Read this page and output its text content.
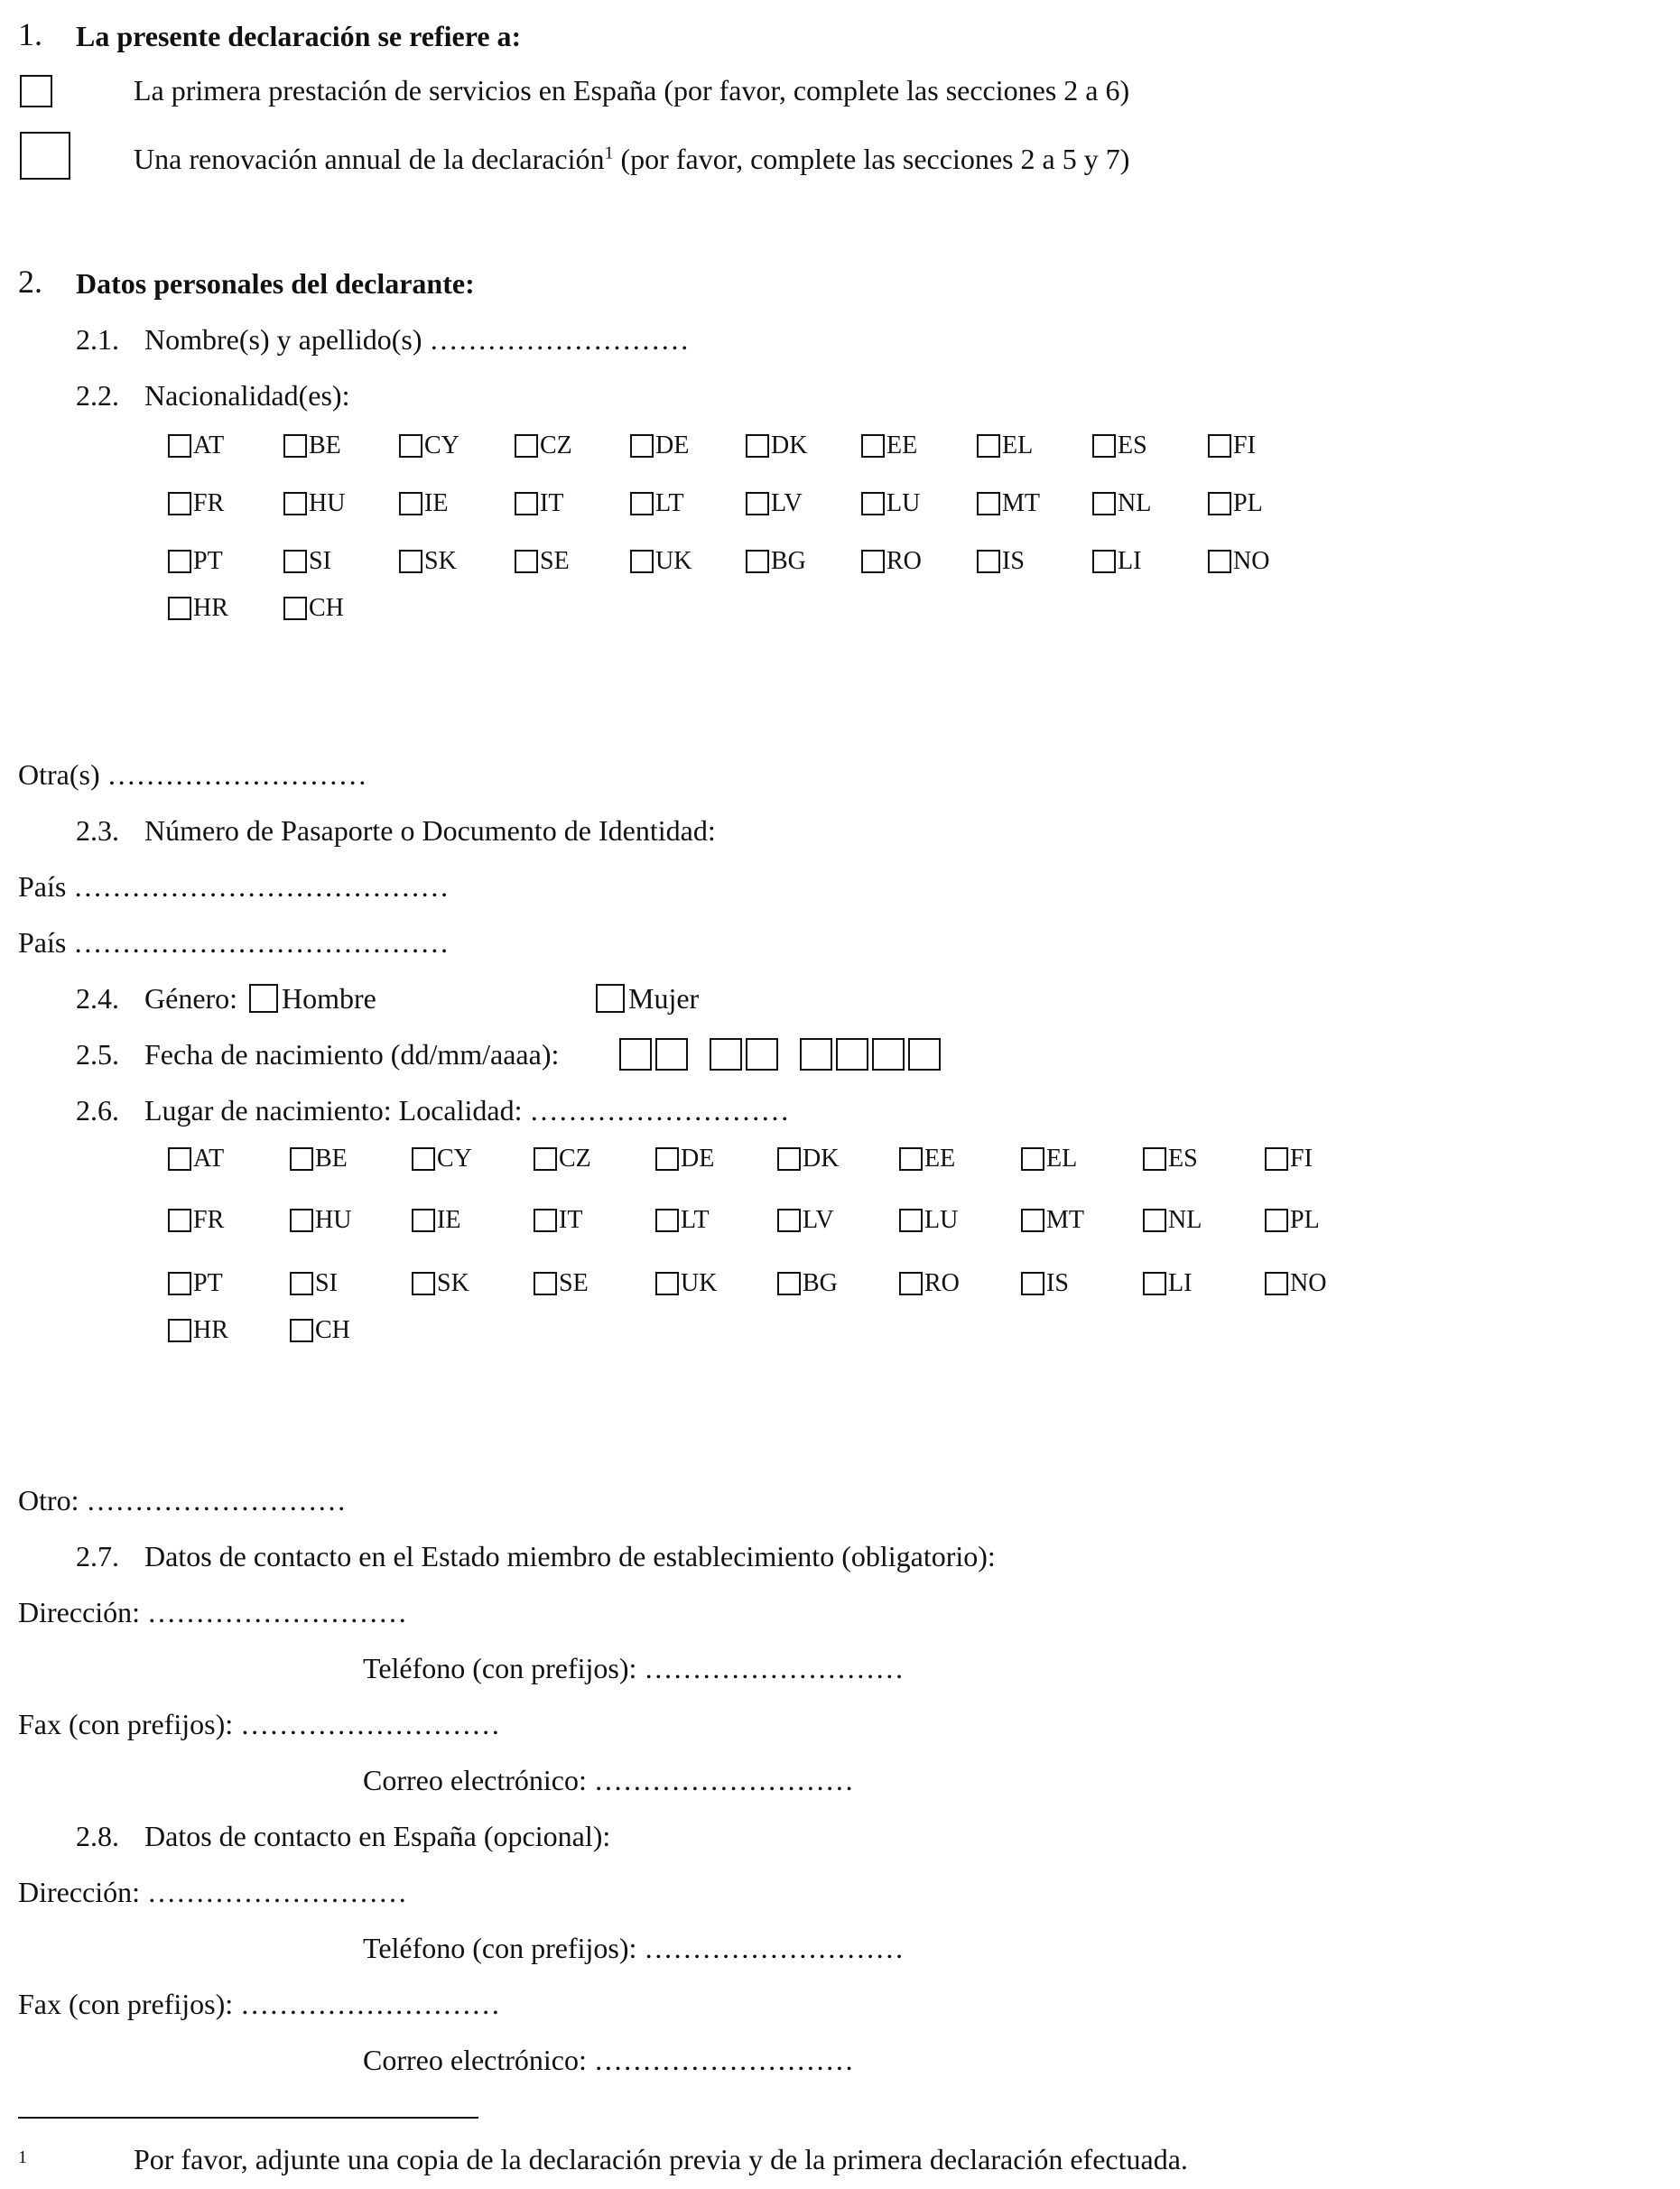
1. La presente declaración se refiere a:
La primera prestación de servicios en España (por favor, complete las secciones 2 a 6)
Una renovación annual de la declaración$^1$ (por favor, complete las secciones 2 a 5 y 7)
2. Datos personales del declarante:
2.1. Nombre(s) y apellido(s) ………………………
2.2. Nacionalidad(es):
AT	BE	CY	CZ	DE	DK	EE	EL	ES	FI
FR	HU	IE	IT	LT	LV	LU	MT	NL	PL
PT	SI	SK	SE	UK	BG	RO	IS	LI	NO
HR	CH
Otra(s) ………………………
2.3. Número de Pasaporte o Documento de Identidad:
País …………………………………
País …………………………………
2.4. Género: Hombre	Mujer
2.5. Fecha de nacimiento (dd/mm/aaaa):
2.6. Lugar de nacimiento: Localidad: ………………………
AT	BE	CY	CZ	DE	DK	EE	EL	ES	FI
FR	HU	IE	IT	LT	LV	LU	MT	NL	PL
PT	SI	SK	SE	UK	BG	RO	IS	LI	NO
HR	CH
Otro: ………………………
2.7. Datos de contacto en el Estado miembro de establecimiento (obligatorio):
Dirección: ………………………
Teléfono (con prefijos): ………………………
Fax (con prefijos): ………………………
Correo electrónico: ………………………
2.8. Datos de contacto en España (opcional):
Dirección: ………………………
Teléfono (con prefijos): ………………………
Fax (con prefijos): ………………………
Correo electrónico: ………………………
1	Por favor, adjunte una copia de la declaración previa y de la primera declaración efectuada.
